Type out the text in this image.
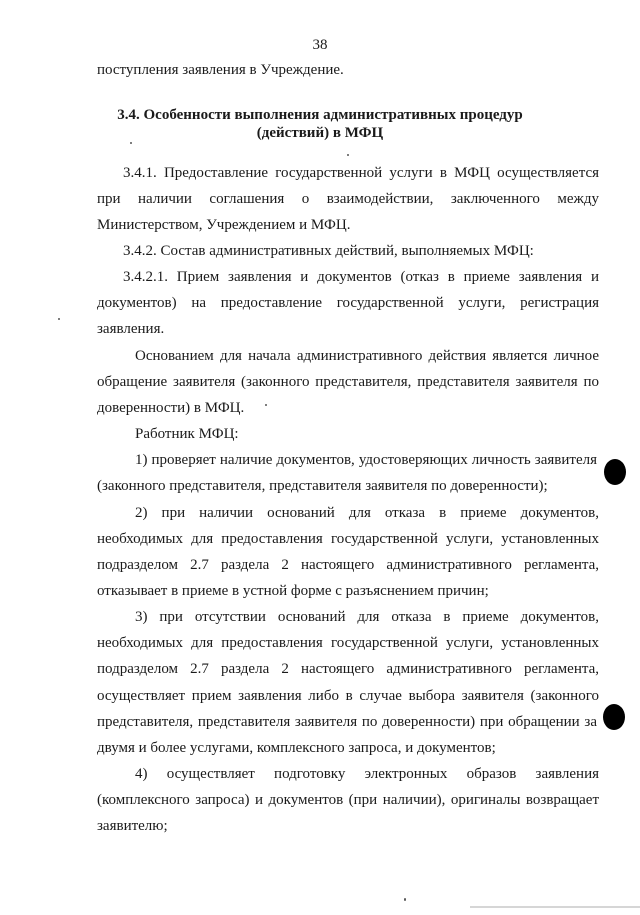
38
поступления заявления в Учреждение.
3.4. Особенности выполнения административных процедур
(действий) в МФЦ
3.4.1. Предоставление государственной услуги в МФЦ осуществляется
при наличии соглашения о взаимодействии, заключенного между
Министерством, Учреждением и МФЦ.
3.4.2. Состав административных действий, выполняемых МФЦ:
3.4.2.1. Прием заявления и документов (отказ в приеме заявления и
документов) на предоставление государственной услуги, регистрация
заявления.
Основанием для начала административного действия является личное
обращение заявителя (законного представителя, представителя заявителя по
доверенности) в МФЦ.
Работник МФЦ:
1) проверяет наличие документов, удостоверяющих личность заявителя
(законного представителя, представителя заявителя по доверенности);
2) при наличии оснований для отказа в приеме документов,
необходимых для предоставления государственной услуги, установленных
подразделом 2.7 раздела 2 настоящего административного регламента,
отказывает в приеме в устной форме с разъяснением причин;
3) при отсутствии оснований для отказа в приеме документов,
необходимых для предоставления государственной услуги, установленных
подразделом 2.7 раздела 2 настоящего административного регламента,
осуществляет прием заявления либо в случае выбора заявителя (законного
представителя, представителя заявителя по доверенности) при обращении за
двумя и более услугами, комплексного запроса, и документов;
4) осуществляет подготовку электронных образов заявления
(комплексного запроса) и документов (при наличии), оригиналы возвращает
заявителю;
